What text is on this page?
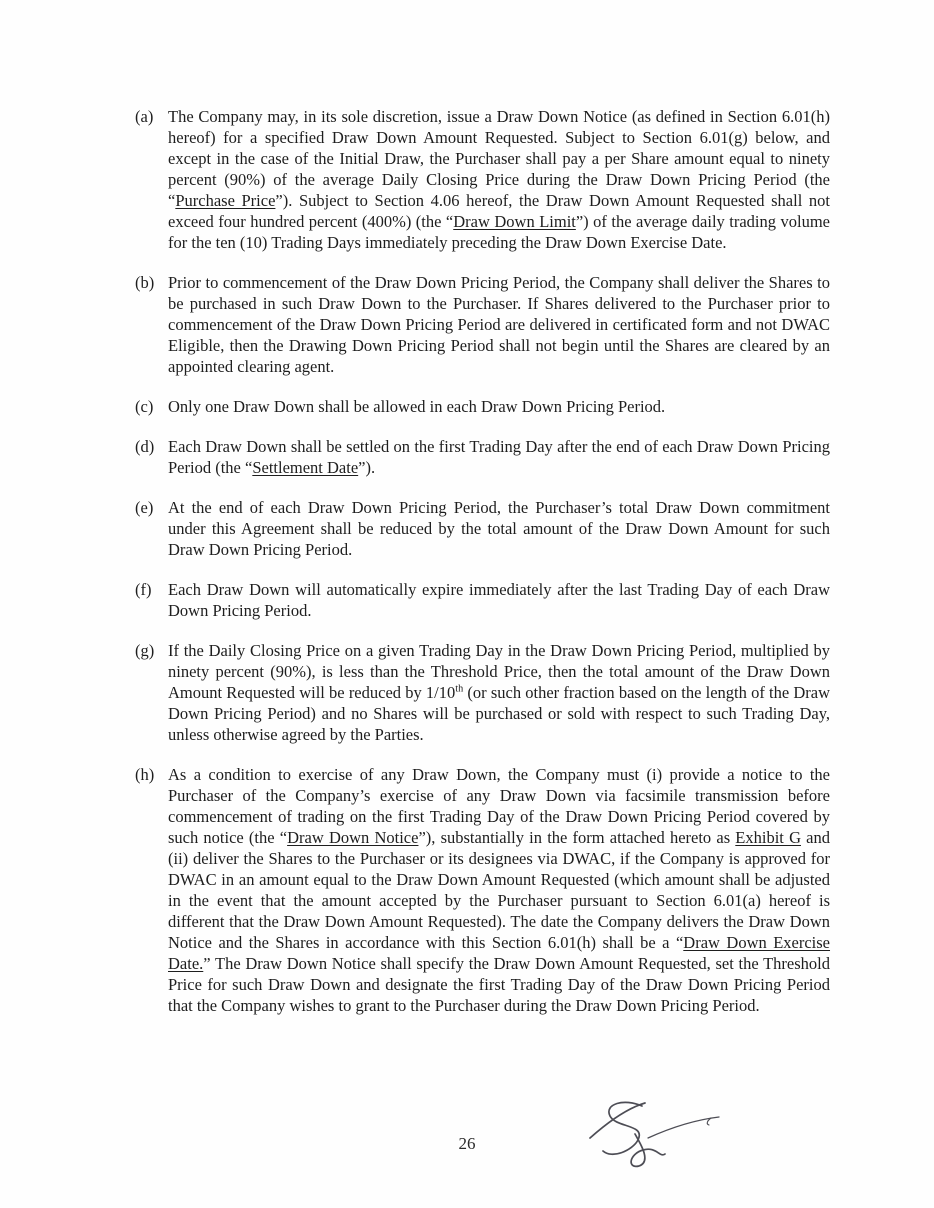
(a) The Company may, in its sole discretion, issue a Draw Down Notice (as defined in Section 6.01(h) hereof) for a specified Draw Down Amount Requested. Subject to Section 6.01(g) below, and except in the case of the Initial Draw, the Purchaser shall pay a per Share amount equal to ninety percent (90%) of the average Daily Closing Price during the Draw Down Pricing Period (the “Purchase Price”). Subject to Section 4.06 hereof, the Draw Down Amount Requested shall not exceed four hundred percent (400%) (the “Draw Down Limit”) of the average daily trading volume for the ten (10) Trading Days immediately preceding the Draw Down Exercise Date.
(b) Prior to commencement of the Draw Down Pricing Period, the Company shall deliver the Shares to be purchased in such Draw Down to the Purchaser. If Shares delivered to the Purchaser prior to commencement of the Draw Down Pricing Period are delivered in certificated form and not DWAC Eligible, then the Drawing Down Pricing Period shall not begin until the Shares are cleared by an appointed clearing agent.
(c) Only one Draw Down shall be allowed in each Draw Down Pricing Period.
(d) Each Draw Down shall be settled on the first Trading Day after the end of each Draw Down Pricing Period (the “Settlement Date”).
(e) At the end of each Draw Down Pricing Period, the Purchaser’s total Draw Down commitment under this Agreement shall be reduced by the total amount of the Draw Down Amount for such Draw Down Pricing Period.
(f)	Each Draw Down will automatically expire immediately after the last Trading Day of each Draw Down Pricing Period.
(g) If the Daily Closing Price on a given Trading Day in the Draw Down Pricing Period, multiplied by ninety percent (90%), is less than the Threshold Price, then the total amount of the Draw Down Amount Requested will be reduced by 1/10th (or such other fraction based on the length of the Draw Down Pricing Period) and no Shares will be purchased or sold with respect to such Trading Day, unless otherwise agreed by the Parties.
(h) As a condition to exercise of any Draw Down, the Company must (i) provide a notice to the Purchaser of the Company’s exercise of any Draw Down via facsimile transmission before commencement of trading on the first Trading Day of the Draw Down Pricing Period covered by such notice (the “Draw Down Notice”), substantially in the form attached hereto as Exhibit G and (ii) deliver the Shares to the Purchaser or its designees via DWAC, if the Company is approved for DWAC in an amount equal to the Draw Down Amount Requested (which amount shall be adjusted in the event that the amount accepted by the Purchaser pursuant to Section 6.01(a) hereof is different that the Draw Down Amount Requested). The date the Company delivers the Draw Down Notice and the Shares in accordance with this Section 6.01(h) shall be a “Draw Down Exercise Date.” The Draw Down Notice shall specify the Draw Down Amount Requested, set the Threshold Price for such Draw Down and designate the first Trading Day of the Draw Down Pricing Period that the Company wishes to grant to the Purchaser during the Draw Down Pricing Period.
26
